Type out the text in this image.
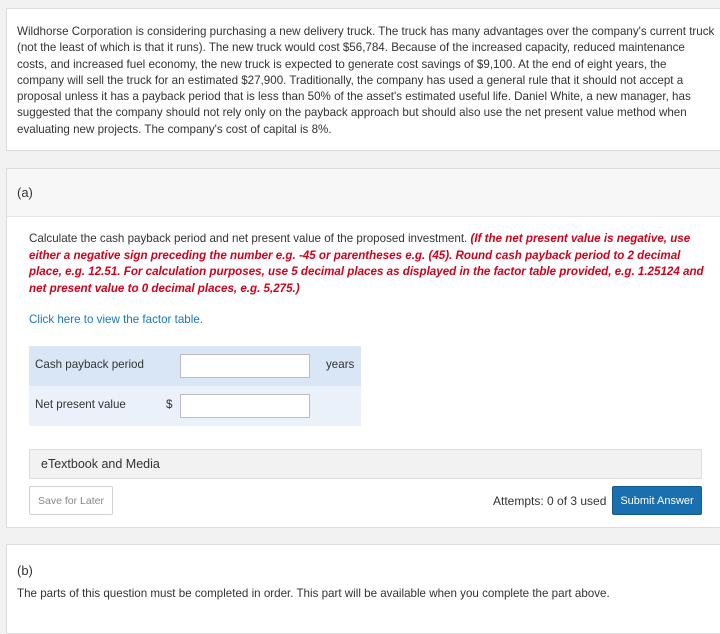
Wildhorse Corporation is considering purchasing a new delivery truck. The truck has many advantages over the company's current truck (not the least of which is that it runs). The new truck would cost $56,784. Because of the increased capacity, reduced maintenance costs, and increased fuel economy, the new truck is expected to generate cost savings of $9,100. At the end of eight years, the company will sell the truck for an estimated $27,900. Traditionally, the company has used a general rule that it should not accept a proposal unless it has a payback period that is less than 50% of the asset's estimated useful life. Daniel White, a new manager, has suggested that the company should not rely only on the payback approach but should also use the net present value method when evaluating new projects. The company's cost of capital is 8%.
(a)
Calculate the cash payback period and net present value of the proposed investment. (If the net present value is negative, use either a negative sign preceding the number e.g. -45 or parentheses e.g. (45). Round cash payback period to 2 decimal place, e.g. 12.51. For calculation purposes, use 5 decimal places as displayed in the factor table provided, e.g. 1.25124 and net present value to 0 decimal places, e.g. 5,275.)
Click here to view the factor table.
Cash payback period	years
Net present value	$
eTextbook and Media
Save for Later	Attempts: 0 of 3 used	Submit Answer
(b)
The parts of this question must be completed in order. This part will be available when you complete the part above.
